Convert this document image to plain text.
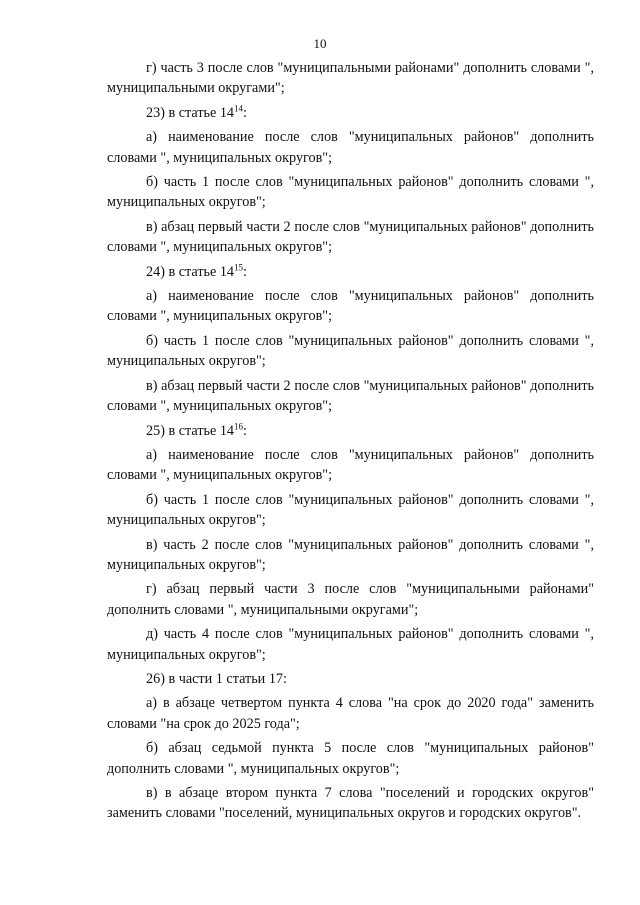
10

г) часть 3 после слов "муниципальными районами" дополнить словами ", муниципальными округами";

23) в статье $14^{14}$:

а) наименование после слов "муниципальных районов" дополнить словами ", муниципальных округов";

б) часть 1 после слов "муниципальных районов" дополнить словами ", муниципальных округов";

в) абзац первый части 2 после слов "муниципальных районов" дополнить словами ", муниципальных округов";

24) в статье $14^{15}$:

а) наименование после слов "муниципальных районов" дополнить словами ", муниципальных округов";

б) часть 1 после слов "муниципальных районов" дополнить словами ", муниципальных округов";

в) абзац первый части 2 после слов "муниципальных районов" дополнить словами ", муниципальных округов";

25) в статье $14^{16}$:

а) наименование после слов "муниципальных районов" дополнить словами ", муниципальных округов";

б) часть 1 после слов "муниципальных районов" дополнить словами ", муниципальных округов";

в) часть 2 после слов "муниципальных районов" дополнить словами ", муниципальных округов";

г) абзац первый части 3 после слов "муниципальными районами" дополнить словами ", муниципальными округами";

д) часть 4 после слов "муниципальных районов" дополнить словами ", муниципальных округов";

26) в части 1 статьи 17:

а) в абзаце четвертом пункта 4 слова "на срок до 2020 года" заменить словами "на срок до 2025 года";

б) абзац седьмой пункта 5 после слов "муниципальных районов" дополнить словами ", муниципальных округов";

в) в абзаце втором пункта 7 слова "поселений и городских округов" заменить словами "поселений, муниципальных округов и городских округов".
